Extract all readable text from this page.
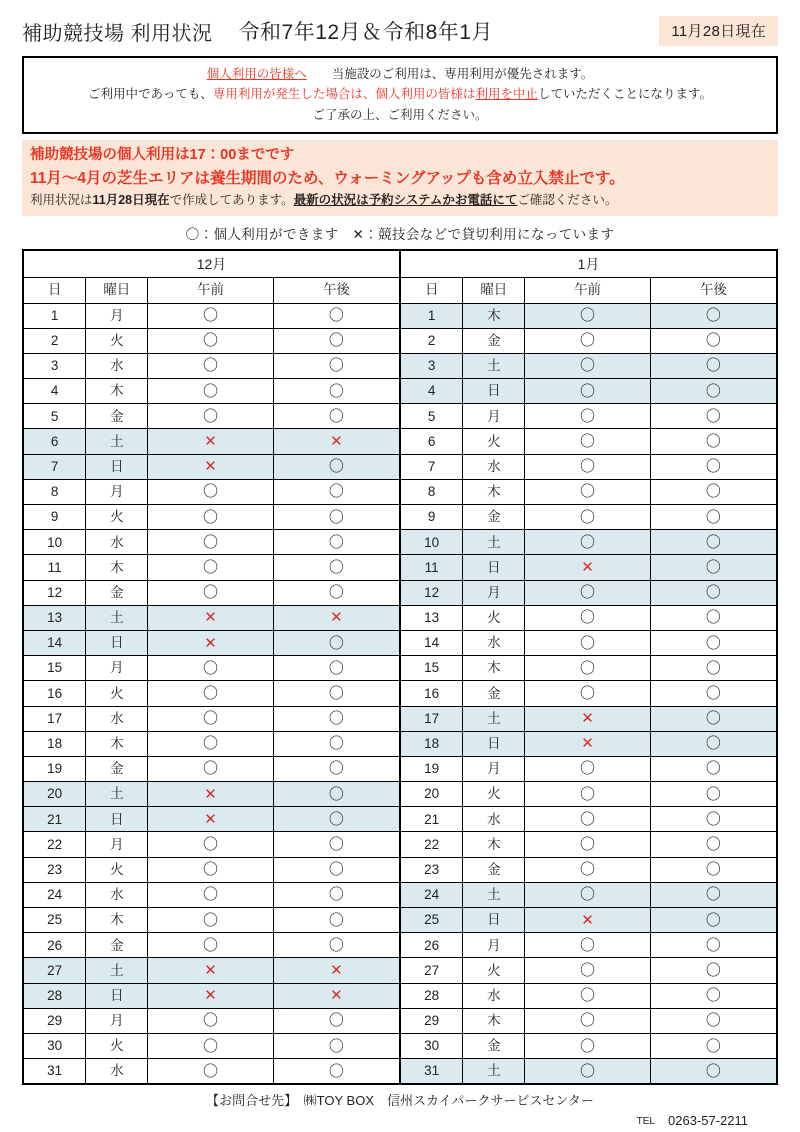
補助競技場 利用状況 令和7年12月＆令和8年1月	11月28日現在
個人利用の皆様へ　　 当施設のご利用は、専用利用が優先されます。
ご利用中であっても、専用利用が発生した場合は、個人利用の皆様は利用を中止していただくことになります。
ご了承の上、ご利用ください。
補助競技場の個人利用は17：00までです
11月～4月の芝生エリアは養生期間のため、ウォーミングアップも含め立入禁止です。
利用状況は11月28日現在で作成してあります。最新の状況は予約システムかお電話にてご確認ください。
〇：個人利用ができます　✕：競技会などで貸切利用になっています
12月			
日	曜日	午前	午後
1	月	〇	〇
2	火	〇	〇
3	水	〇	〇
4	木	〇	〇
5	金	〇	〇
6	土	✕	✕
7	日	✕	〇
8	月	〇	〇
9	火	〇	〇
10	水	〇	〇
11	木	〇	〇
12	金	〇	〇
13	土	✕	✕
14	日	✕	〇
15	月	〇	〇
16	火	〇	〇
17	水	〇	〇
18	木	〇	〇
19	金	〇	〇
20	土	✕	〇
21	日	✕	〇
22	月	〇	〇
23	火	〇	〇
24	水	〇	〇
25	木	〇	〇
26	金	〇	〇
27	土	✕	✕
28	日	✕	✕
29	月	〇	〇
30	火	〇	〇
31	水	〇	〇
1月			
日	曜日	午前	午後
1	木	〇	〇
2	金	〇	〇
3	土	〇	〇
4	日	〇	〇
5	月	〇	〇
6	火	〇	〇
7	水	〇	〇
8	木	〇	〇
9	金	〇	〇
10	土	〇	〇
11	日	✕	〇
12	月	〇	〇
13	火	〇	〇
14	水	〇	〇
15	木	〇	〇
16	金	〇	〇
17	土	✕	〇
18	日	✕	〇
19	月	〇	〇
20	火	〇	〇
21	水	〇	〇
22	木	〇	〇
23	金	〇	〇
24	土	〇	〇
25	日	✕	〇
26	月	〇	〇
27	火	〇	〇
28	水	〇	〇
29	木	〇	〇
30	金	〇	〇
31	土	〇	〇
【お問合せ先】　 ㈱TOY BOX　 信州スカイパークサービスセンター
TEL　 0263-57-2211
